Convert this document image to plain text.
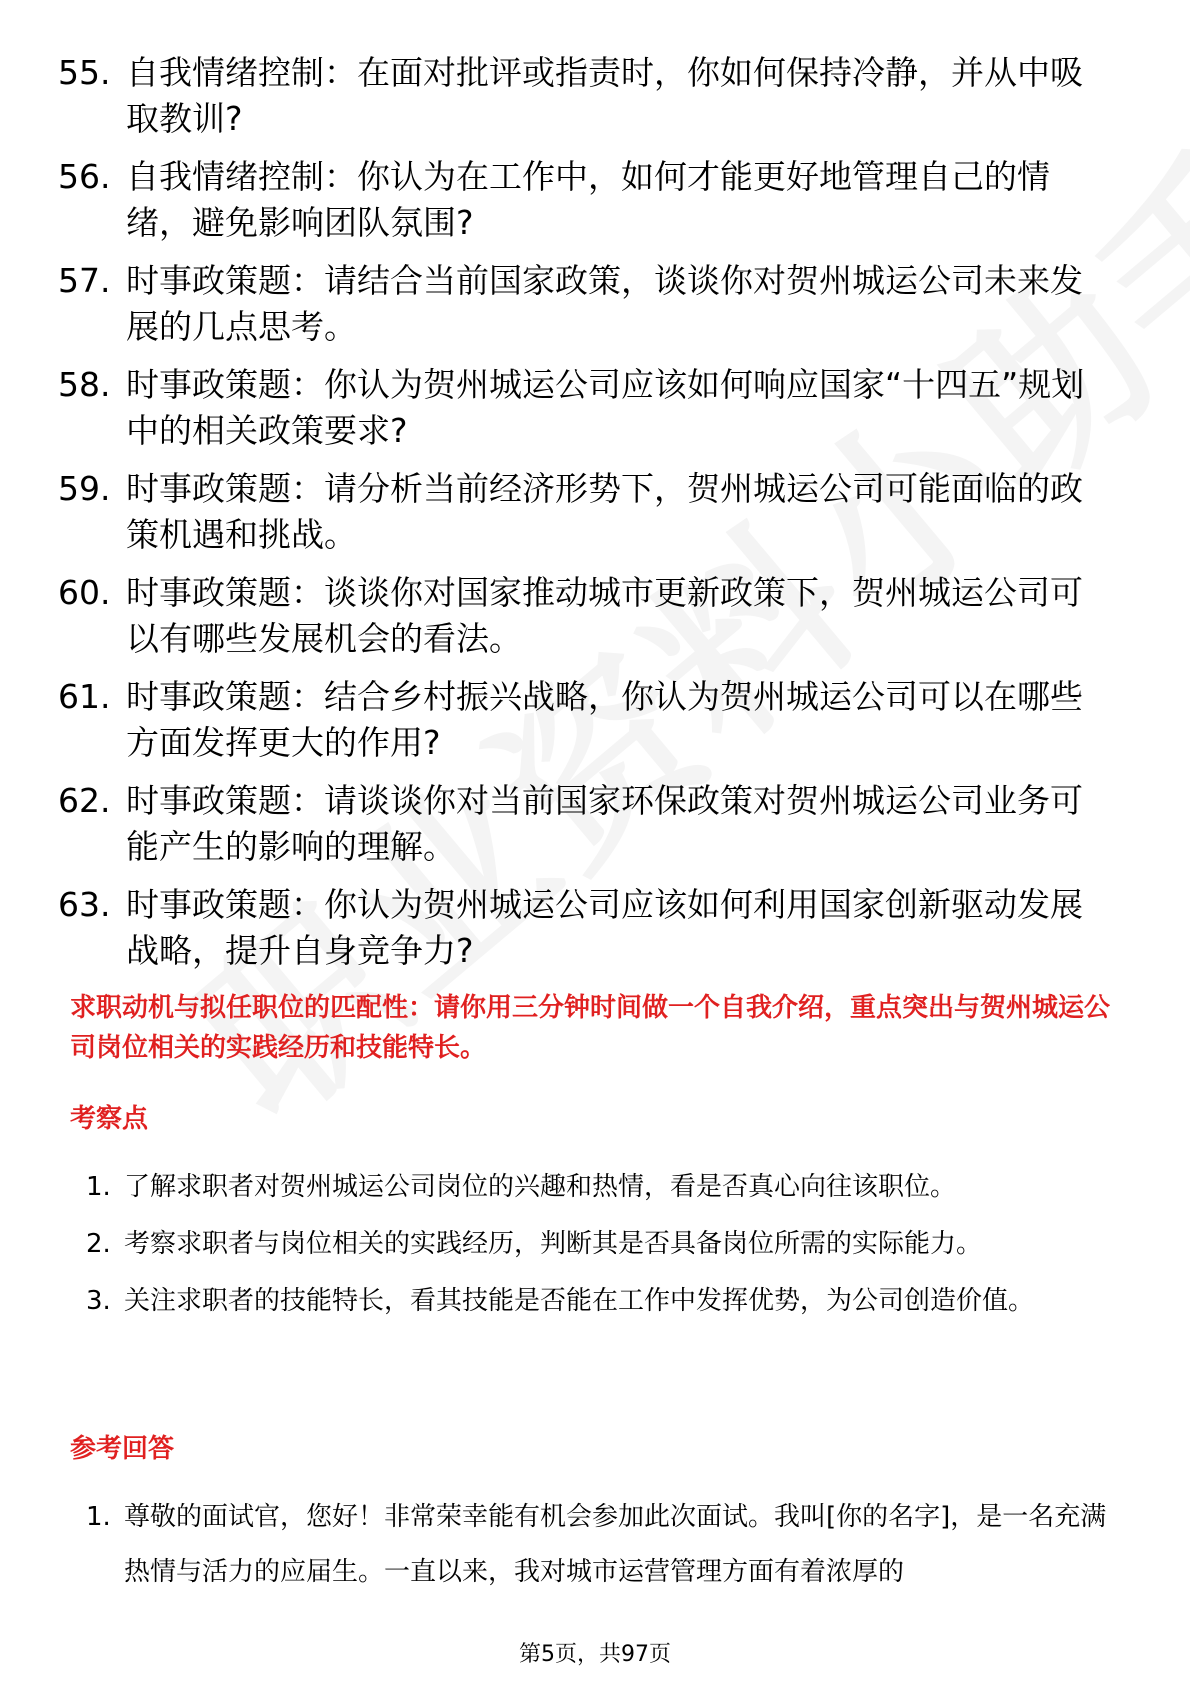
55. 自我情绪控制：在面对批评或指责时，你如何保持冷静，并从中吸取教训?
56. 自我情绪控制：你认为在工作中，如何才能更好地管理自己的情绪，避免影响团队氛围?
57. 时事政策题：请结合当前国家政策，谈谈你对贺州城运公司未来发展的几点思考。
58. 时事政策题：你认为贺州城运公司应该如何响应国家“十四五”规划中的相关政策要求?
59. 时事政策题：请分析当前经济形势下，贺州城运公司可能面临的政策机遇和挑战。
60. 时事政策题：谈谈你对国家推动城市更新政策下，贺州城运公司可以有哪些发展机会的看法。
61. 时事政策题：结合乡村振兴战略，你认为贺州城运公司可以在哪些方面发挥更大的作用?
62. 时事政策题：请谈谈你对当前国家环保政策对贺州城运公司业务可能产生的影响的理解。
63. 时事政策题：你认为贺州城运公司应该如何利用国家创新驱动发展战略，提升自身竞争力?
求职动机与拟任职位的匹配性：请你用三分钟时间做一个自我介绍，重点突出与贺州城运公司岗位相关的实践经历和技能特长。
考察点
1. 了解求职者对贺州城运公司岗位的兴趣和热情，看是否真心向往该职位。
2. 考察求职者与岗位相关的实践经历，判断其是否具备岗位所需的实际能力。
3. 关注求职者的技能特长，看其技能是否能在工作中发挥优势，为公司创造价值。
参考回答
1. 尊敬的面试官，您好！非常荣幸能有机会参加此次面试。我叫[你的名字]，是一名充满热情与活力的应届生。一直以来，我对城市运营管理方面有着浓厚的
第5页，共97页
